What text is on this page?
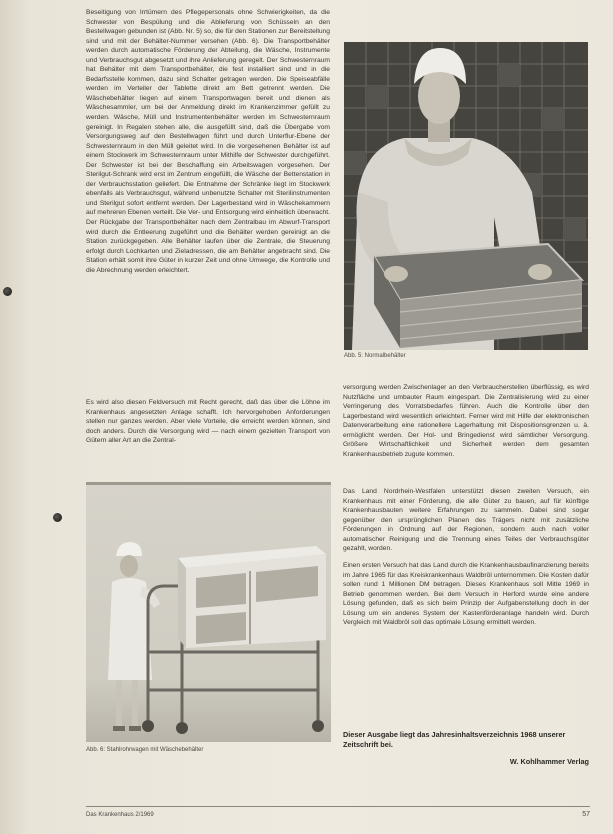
Beseitigung von Irrtümern des Pflegepersonals ohne Schwierigkeiten, da die Schwester von Bespülung und die Ablieferung von Schüsseln an den Bestellwagen gebunden ist (Abb. Nr. 5) so, die für den Stationen zur Bereitstellung sind und mit der Behälter-Nummer versehen (Abb. 6). Die Transportbehälter werden durch automatische Förderung der Abteilung, die Wäsche, Instrumente und Verbrauchsgut abgesetzt und ihre Anlieferung geregelt. Der Schwesternraum hat Behälter mit dem Transportbehälter, die fest installiert sind und in die Bedarfsstelle kommen, dazu sind Schalter getragen werden. Die Speiseabfälle werden im Verteiler der Tablette direkt am Bett getrennt werden. Die Wäschebehälter liegen auf einem Transportwagen bereit und dienen als Wäschesammler, um bei der Anmeldung direkt im Krankenzimmer gefüllt zu werden. Wäsche, Müll und Instrumentenbehälter werden im Schwesternraum gereinigt. In Regalen stehen alle, die ausgefüllt sind, daß die Übergabe vom Versorgungsweg auf den Bestellwagen führt und durch Unterflur-Ebene der Schwesternraum in den Müll geleitet wird. In die vorgesehenen Behälter ist auf einem Stockwerk im Schwesternraum unter Mithilfe der Schwester durchgeführt. Der Schwester ist bei der Beschaffung ein Arbeitswagen vorgesehen. Der Sterilgut-Schrank wird erst im Zentrum eingefüllt, die Wäsche der Bettenstation in der Verbrauchsstation geliefert. Die Entnahme der Schränke liegt im Stockwerk ebenfalls als Verbrauchsgut, während unbenutzte Schalter mit Sterilinstrumenten und Sterilgut sofort entfernt werden. Der Lagerbestand wird in Wäschekammern auf mehreren Ebenen verteilt. Die Ver- und Entsorgung wird einheitlich überwacht. Der Rückgabe der Transportbehälter nach dem Zentralbau im Abwurf-Transport wird durch die Entleerung zugeführt und die Behälter werden gereinigt an die Station zurückgegeben. Alle Behälter laufen über die Zentrale, die Steuerung erfolgt durch Lochkarten und Zieladressen, die am Behälter angebracht sind. Die Station erhält somit ihre Güter in kurzer Zeit und ohne Umwege, die Kontrolle und die Abrechnung werden erleichtert.

Es wird also diesen Feldversuch mit Recht gerecht, daß das über die Löhne im Krankenhaus angesetzten Anlage schafft. Ich hervorgehoben Anforderungen stellen nur ganzes werden. Aber viele Vorteile, die erreicht werden können, sind doch anders. Durch die Versorgung wird — nach einem gezielten Transport von Gütern aller Art an die Zentral-

Abb. 5: Normalbehälter

versorgung werden Zwischenlager an den Verbraucherstellen überflüssig, es wird Nutzfläche und umbauter Raum eingespart. Die Zentralisierung wird zu einer Verringerung des Vorratsbedarfes führen. Auch die Kontrolle über den Lagerbestand wird wesentlich erleichtert. Ferner wird mit Hilfe der elektronischen Datenverarbeitung eine rationellere Lagerhaltung mit Dispositionsgrenzen u. ä. ermöglicht werden. Der Hol- und Bringedienst wird sämtlicher Versorgung. Größere Wirtschaftlichkeit und Sicherheit werden dem gesamten Krankenhausbetrieb zugute kommen.

Das Land Nordrhein-Westfalen unterstützt diesen zweiten Versuch, ein Krankenhaus mit einer Förderung, die alle Güter zu bauen, auf für künftige Krankenhausbauten weitere Erfahrungen zu sammeln. Dabei sind sogar gegenüber den ursprünglichen Planen des Trägers nicht mit zusätzliche Förderungen in Ordnung auf der Regionen, sondern auch nach voller automatischer Reinigung und die Trennung eines Teiles der Verbrauchsgüter gezahlt, worden.

Einen ersten Versuch hat das Land durch die Krankenhausbaufinanzierung bereits im Jahre 1965 für das Kreiskrankenhaus Waldbröl unternommen. Die Kosten dafür sollen rund 1 Millionen DM betragen. Dieses Krankenhaus soll Mitte 1969 in Betrieb genommen werden. Bei dem Versuch in Herford wurde eine andere Lösung gefunden, daß es sich beim Prinzip der Aufgabenstellung doch in der Lösung um ein anderes System der Kastenförderanlage handeln wird. Durch Vergleich mit Waldbröl soll das optimale Lösung ermittelt werden.

Abb. 6: Stahlrohrwagen mit Wäschebehälter
Dieser Ausgabe liegt das Jahresinhaltsverzeichnis 1968 unserer Zeitschrift bei.
W. Kohlhammer Verlag
Das Krankenhaus 2/1969	57
